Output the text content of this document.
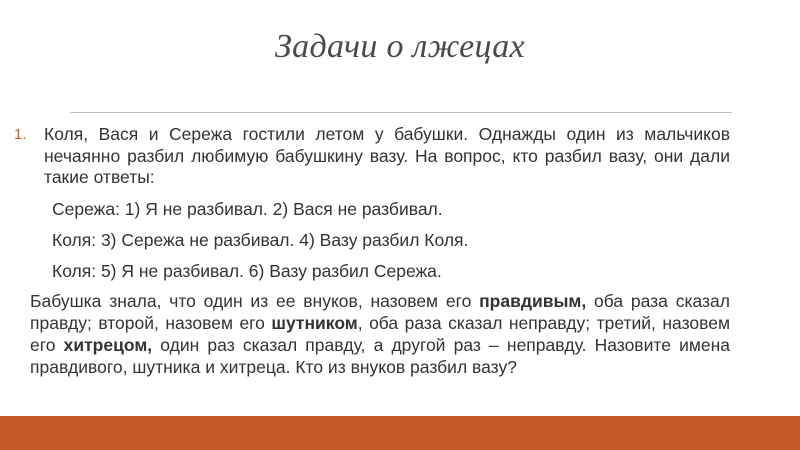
Задачи о лжецах
1. Коля, Вася и Сережа гостили летом у бабушки. Однажды один из мальчиков нечаянно разбил любимую бабушкину вазу. На вопрос, кто разбил вазу, они дали такие ответы:
Сережа: 1) Я не разбивал. 2) Вася не разбивал.
Коля: 3) Сережа не разбивал. 4) Вазу разбил Коля.
Коля: 5) Я не разбивал. 6) Вазу разбил Сережа.
Бабушка знала, что один из ее внуков, назовем его правдивым, оба раза сказал правду; второй, назовем его шутником, оба раза сказал неправду; третий, назовем его хитрецом, один раз сказал правду, а другой раз – неправду. Назовите имена правдивого, шутника и хитреца. Кто из внуков разбил вазу?
